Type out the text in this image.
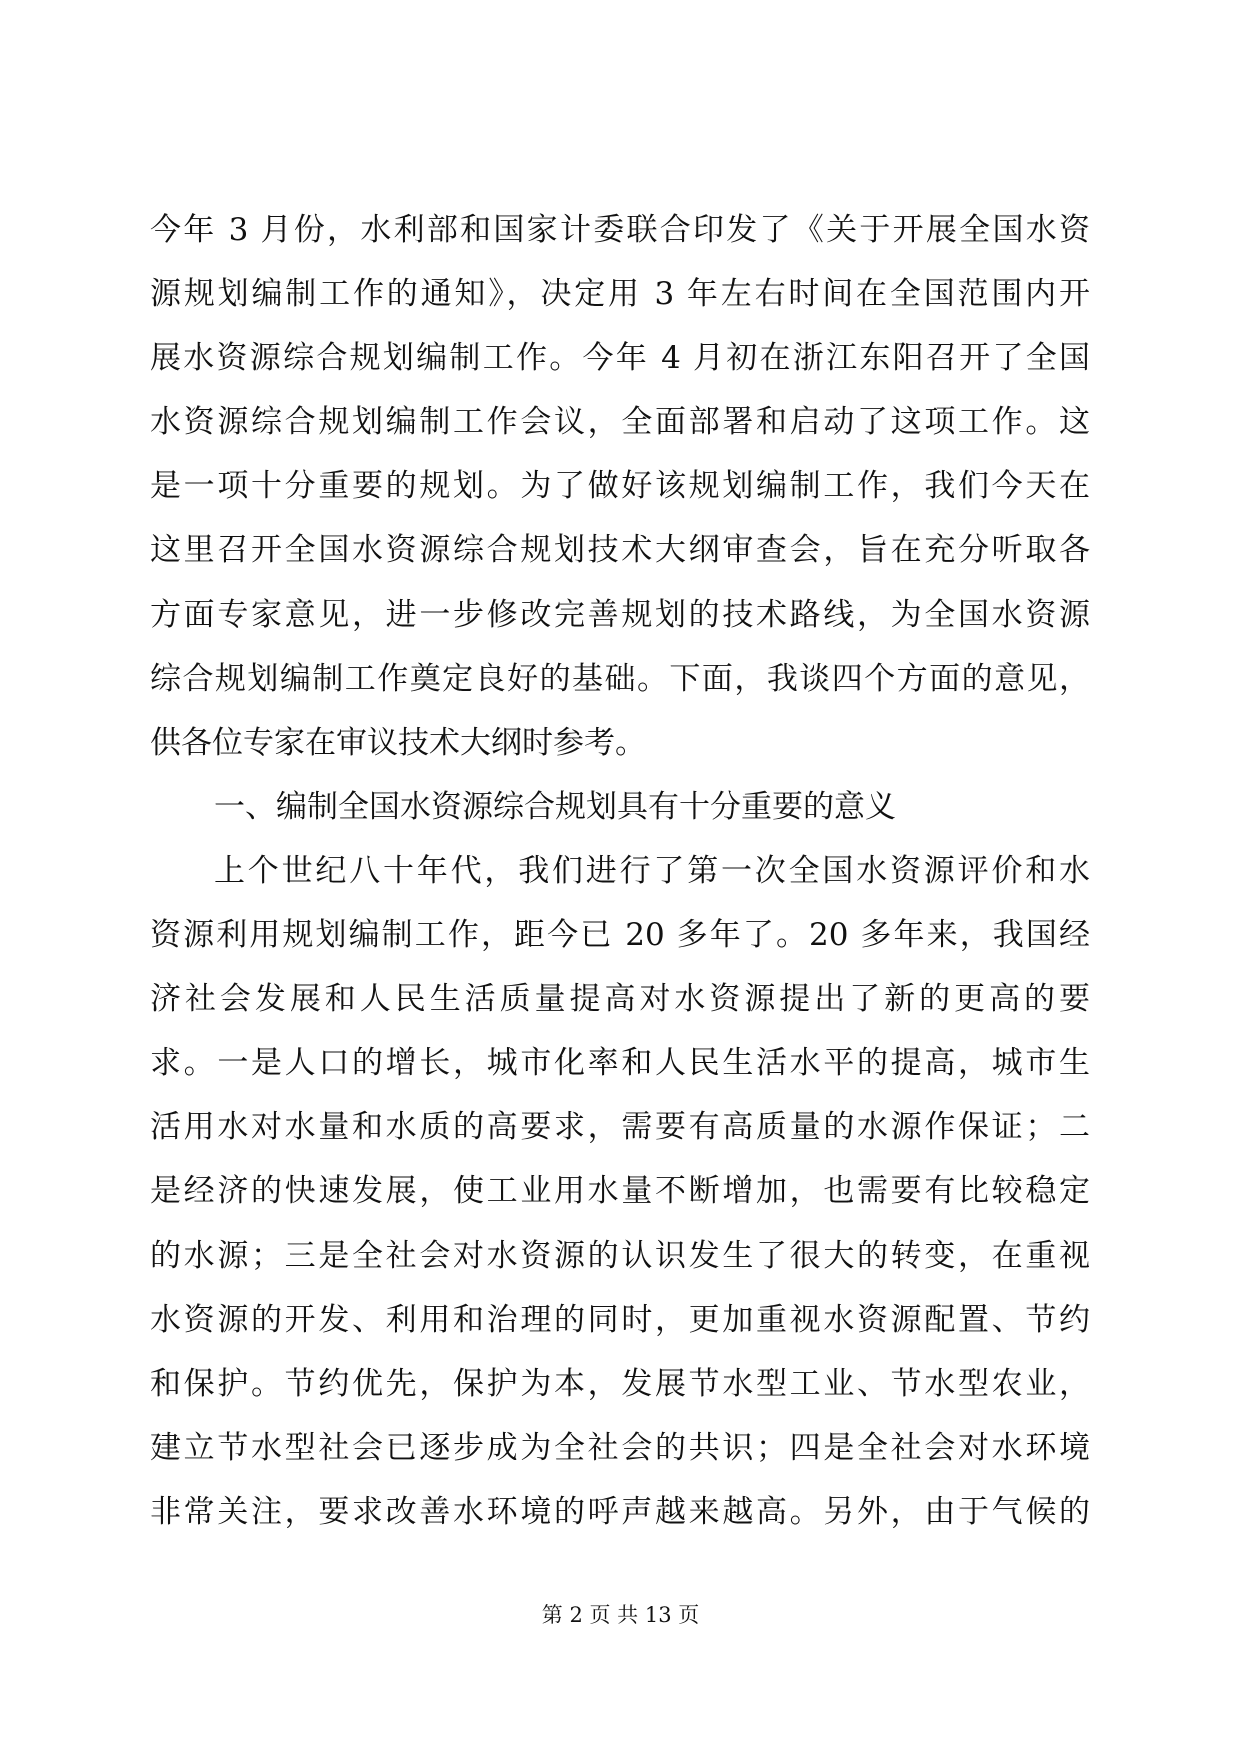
今年 3 月份，水利部和国家计委联合印发了《关于开展全国水资
源规划编制工作的通知》，决定用 3 年左右时间在全国范围内开
展水资源综合规划编制工作。今年 4 月初在浙江东阳召开了全国
水资源综合规划编制工作会议，全面部署和启动了这项工作。这
是一项十分重要的规划。为了做好该规划编制工作，我们今天在
这里召开全国水资源综合规划技术大纲审查会，旨在充分听取各
方面专家意见，进一步修改完善规划的技术路线，为全国水资源
综合规划编制工作奠定良好的基础。下面，我谈四个方面的意见，
供各位专家在审议技术大纲时参考。
一、编制全国水资源综合规划具有十分重要的意义
上个世纪八十年代，我们进行了第一次全国水资源评价和水
资源利用规划编制工作，距今已 20 多年了。20 多年来，我国经
济社会发展和人民生活质量提高对水资源提出了新的更高的要
求。一是人口的增长，城市化率和人民生活水平的提高，城市生
活用水对水量和水质的高要求，需要有高质量的水源作保证；二
是经济的快速发展，使工业用水量不断增加，也需要有比较稳定
的水源；三是全社会对水资源的认识发生了很大的转变，在重视
水资源的开发、利用和治理的同时，更加重视水资源配置、节约
和保护。节约优先，保护为本，发展节水型工业、节水型农业，
建立节水型社会已逐步成为全社会的共识；四是全社会对水环境
非常关注，要求改善水环境的呼声越来越高。另外，由于气候的
第 2 页 共 13 页
